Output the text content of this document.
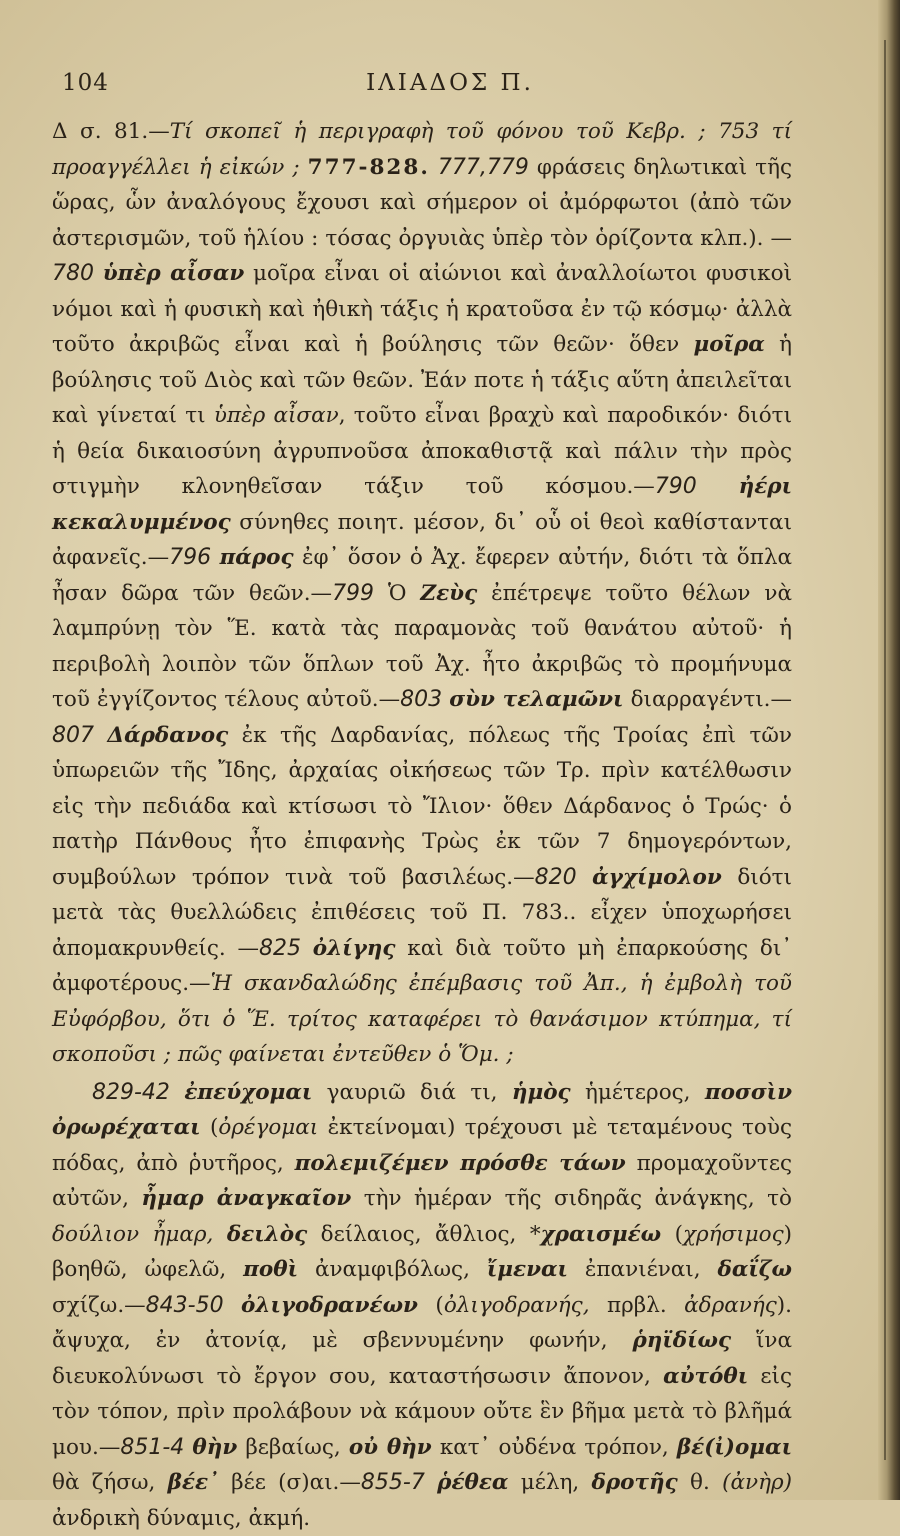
104	ΙΛΙΑΔΟΣ Π.

Δ σ. 81.—Τί σκοπεῖ ἡ περιγραφὴ τοῦ φόνου τοῦ Κεβρ. ; 753 τί προαγγέλλει ἡ εἰκών ; 777-828. 777,779 φράσεις δηλωτικαὶ τῆς ὥρας, ὧν ἀναλόγους ἔχουσι καὶ σήμερον οἱ ἀμόρφωτοι (ἀπὸ τῶν ἀστερισμῶν, τοῦ ἡλίου : τόσας ὀργυιὰς ὑπὲρ τὸν ὁρίζοντα κλπ.). —780 ὑπὲρ αἶσαν μοῖρα εἶναι οἱ αἰώνιοι καὶ ἀναλλοίωτοι φυσικοὶ νόμοι καὶ ἡ φυσικὴ καὶ ἠθικὴ τάξις ἡ κρατοῦσα ἐν τῷ κόσμῳ· ἀλλὰ τοῦτο ἀκριβῶς εἶναι καὶ ἡ βούλησις τῶν θεῶν· ὅθεν μοῖρα ἡ βούλησις τοῦ Διὸς καὶ τῶν θεῶν. Ἐάν ποτε ἡ τάξις αὕτη ἀπειλεῖται καὶ γίνεταί τι ὑπὲρ αἶσαν, τοῦτο εἶναι βραχὺ καὶ παροδικόν· διότι ἡ θεία δικαιοσύνη ἀγρυπνοῦσα ἀποκαθιστᾷ καὶ πάλιν τὴν πρὸς στιγμὴν κλονηθεῖσαν τάξιν τοῦ κόσμου.—790 ἠέρι κεκαλυμμένος σύνηθες ποιητ. μέσον, δι᾽ οὗ οἱ θεοὶ καθίστανται ἀφανεῖς.—796 πάρος ἐφ᾽ ὅσον ὁ Ἀχ. ἔφερεν αὐτήν, διότι τὰ ὅπλα ἦσαν δῶρα τῶν θεῶν.—799 Ὁ Ζεὺς ἐπέτρεψε τοῦτο θέλων νὰ λαμπρύνῃ τὸν Ἕ. κατὰ τὰς παραμονὰς τοῦ θανάτου αὐτοῦ· ἡ περιβολὴ λοιπὸν τῶν ὅπλων τοῦ Ἀχ. ἦτο ἀκριβῶς τὸ προμήνυμα τοῦ ἐγγίζοντος τέλους αὐτοῦ.—803 σὺν τελαμῶνι διαρραγέντι.—807 Δάρδανος ἐκ τῆς Δαρδανίας, πόλεως τῆς Τροίας ἐπὶ τῶν ὑπωρειῶν τῆς Ἴδης, ἀρχαίας οἰκήσεως τῶν Τρ. πρὶν κατέλθωσιν εἰς τὴν πεδιάδα καὶ κτίσωσι τὸ Ἴλιον· ὅθεν Δάρδανος ὁ Τρώς· ὁ πατὴρ Πάνθους ἦτο ἐπιφανὴς Τρὼς ἐκ τῶν 7 δημογερόντων, συμβούλων τρόπον τινὰ τοῦ βασιλέως.—820 ἀγχίμολον διότι μετὰ τὰς θυελλώδεις ἐπιθέσεις τοῦ Π. 783.. εἶχεν ὑποχωρήσει ἀπομακρυνθείς. —825 ὀλίγης καὶ διὰ τοῦτο μὴ ἐπαρκούσης δι᾽ ἀμφοτέρους.—Ἡ σκανδαλώδης ἐπέμβασις τοῦ Ἀπ., ἡ ἐμβολὴ τοῦ Εὐφόρβου, ὅτι ὁ Ἕ. τρίτος καταφέρει τὸ θανάσιμον κτύπημα, τί σκοποῦσι ; πῶς φαίνεται ἐντεῦθεν ὁ Ὅμ. ;

829-42 ἐπεύχομαι γαυριῶ διά τι, ἡμὸς ἡμέτερος, ποσσὶν ὀρωρέχαται (ὀρέγομαι ἐκτείνομαι) τρέχουσι μὲ τεταμένους τοὺς πόδας, ἀπὸ ῥυτῆρος, πολεμιζέμεν πρόσθε τάων προμαχοῦντες αὐτῶν, ἦμαρ ἀναγκαῖον τὴν ἡμέραν τῆς σιδηρᾶς ἀνάγκης, τὸ δούλιον ἦμαρ, δειλὸς δείλαιος, ἄθλιος, *χραισμέω (χρήσιμος) βοηθῶ, ὠφελῶ, ποθὶ ἀναμφιβόλως, ἴμεναι ἐπανιέναι, δαΐζω σχίζω.—843-50 ὀλιγοδρανέων (ὀλιγοδρανής, πρβλ. ἀδρανής). ἄψυχα, ἐν ἀτονίᾳ, μὲ σβεννυμένην φωνήν, ῥηϊδίως ἵνα διευκολύνωσι τὸ ἔργον σου, καταστήσωσιν ἄπονον, αὐτόθι εἰς τὸν τόπον, πρὶν προλάβουν νὰ κάμουν οὔτε ἓν βῆμα μετὰ τὸ βλῆμά μου.—851-4 θὴν βεβαίως, οὐ θὴν κατ᾽ οὐδένα τρόπον, βέ(ἰ)ομαι θὰ ζήσω, βέε᾽ βέε (σ)αι.—855-7 ῥέθεα μέλη, δροτῆς θ. (ἀνὴρ) ἀνδρικὴ δύναμις, ἀκμή.
